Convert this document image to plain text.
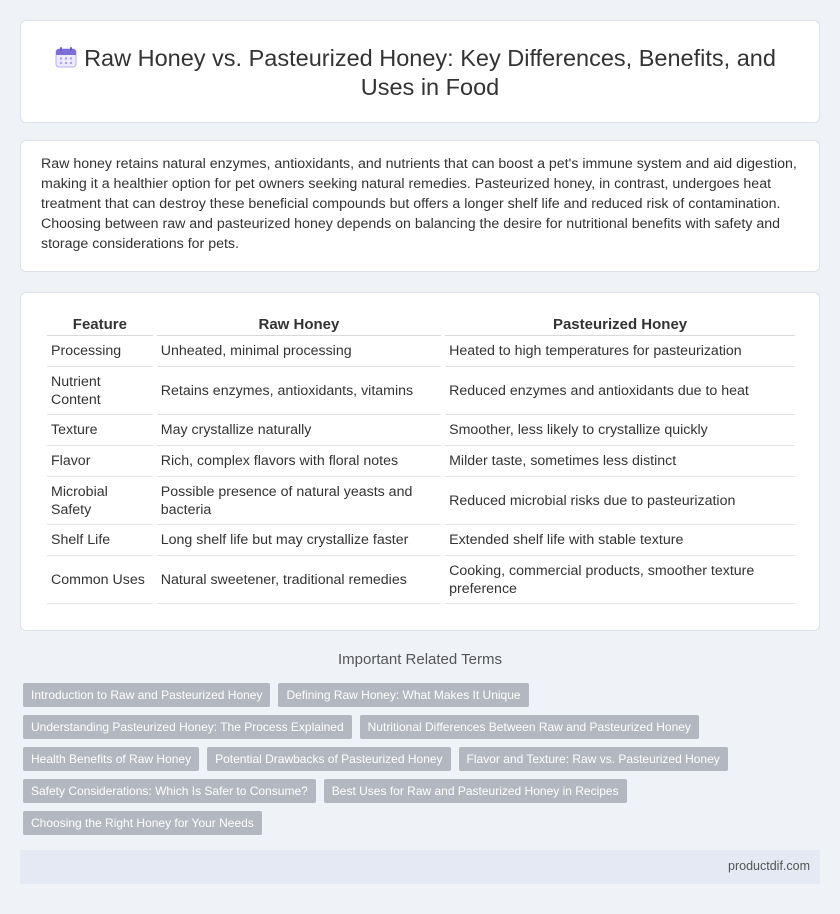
Raw Honey vs. Pasteurized Honey: Key Differences, Benefits, and Uses in Food

Raw honey retains natural enzymes, antioxidants, and nutrients that can boost a pet's immune system and aid digestion, making it a healthier option for pet owners seeking natural remedies. Pasteurized honey, in contrast, undergoes heat treatment that can destroy these beneficial compounds but offers a longer shelf life and reduced risk of contamination. Choosing between raw and pasteurized honey depends on balancing the desire for nutritional benefits with safety and storage considerations for pets.

Feature	Raw Honey	Pasteurized Honey
Processing	Unheated, minimal processing	Heated to high temperatures for pasteurization
Nutrient Content	Retains enzymes, antioxidants, vitamins	Reduced enzymes and antioxidants due to heat
Texture	May crystallize naturally	Smoother, less likely to crystallize quickly
Flavor	Rich, complex flavors with floral notes	Milder taste, sometimes less distinct
Microbial Safety	Possible presence of natural yeasts and bacteria	Reduced microbial risks due to pasteurization
Shelf Life	Long shelf life but may crystallize faster	Extended shelf life with stable texture
Common Uses	Natural sweetener, traditional remedies	Cooking, commercial products, smoother texture preference
Important Related Terms
Introduction to Raw and Pasteurized Honey	Defining Raw Honey: What Makes It Unique
Understanding Pasteurized Honey: The Process Explained	Nutritional Differences Between Raw and Pasteurized Honey
Health Benefits of Raw Honey	Potential Drawbacks of Pasteurized Honey	Flavor and Texture: Raw vs. Pasteurized Honey
Safety Considerations: Which Is Safer to Consume?	Best Uses for Raw and Pasteurized Honey in Recipes
Choosing the Right Honey for Your Needs
productdif.com
